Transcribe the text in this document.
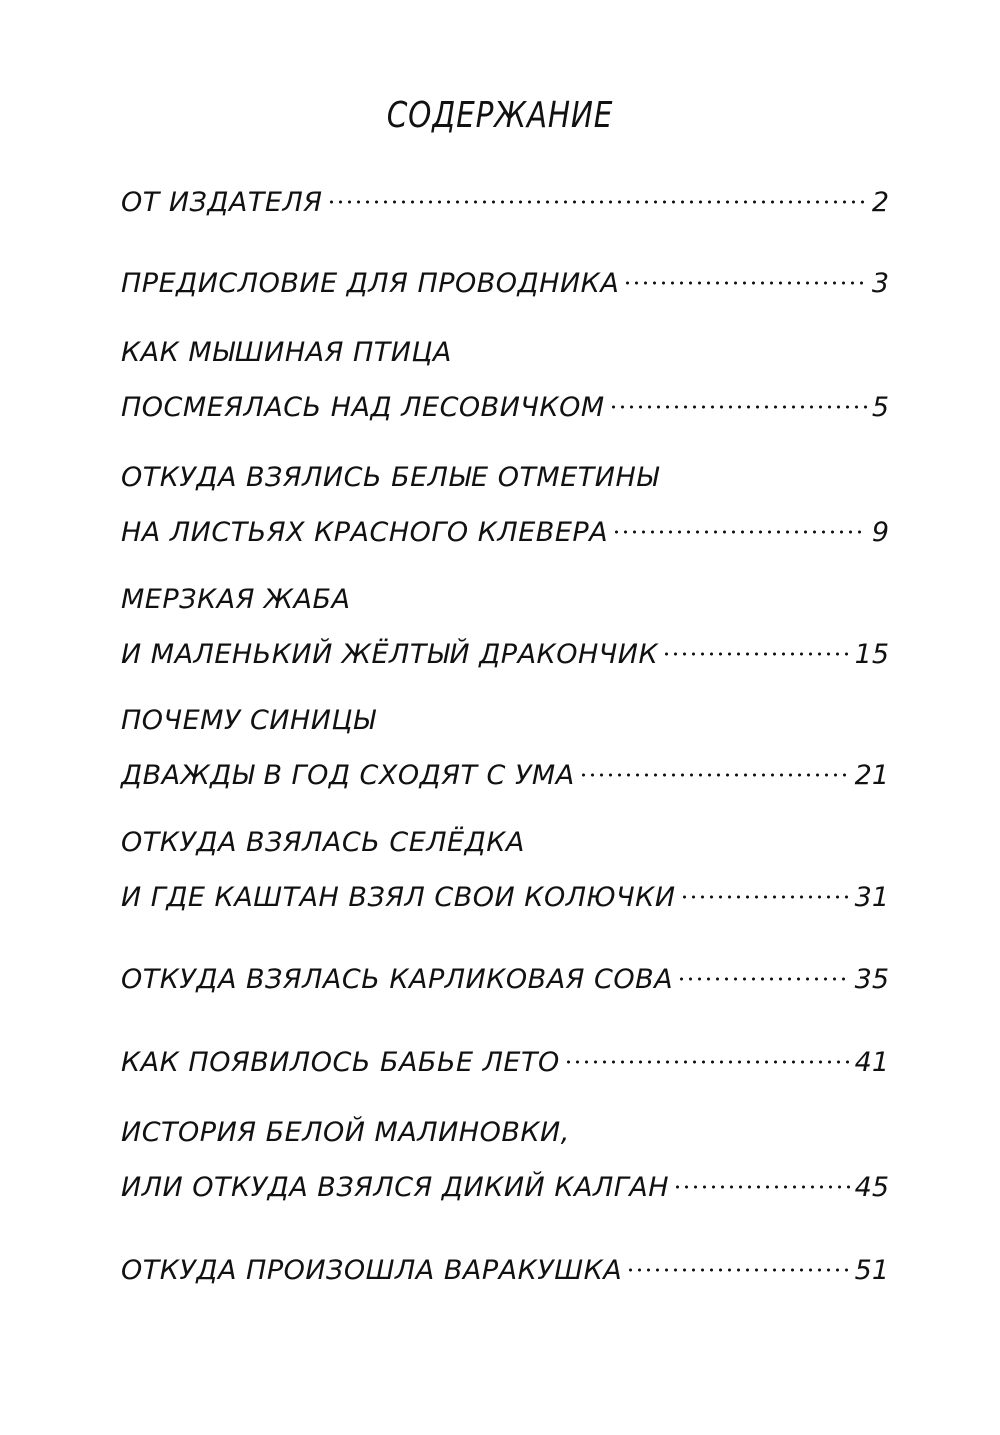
СОДЕРЖАНИЕ
ОТ ИЗДАТЕЛЯ	2
ПРЕДИСЛОВИЕ ДЛЯ ПРОВОДНИКА	3
КАК МЫШИНАЯ ПТИЦА
ПОСМЕЯЛАСЬ НАД ЛЕСОВИЧКОМ	5
ОТКУДА ВЗЯЛИСЬ БЕЛЫЕ ОТМЕТИНЫ
НА ЛИСТЬЯХ КРАСНОГО КЛЕВЕРА	9
МЕРЗКАЯ ЖАБА
И МАЛЕНЬКИЙ ЖЁЛТЫЙ ДРАКОНЧИК	15
ПОЧЕМУ СИНИЦЫ
ДВАЖДЫ В ГОД СХОДЯТ С УМА	21
ОТКУДА ВЗЯЛАСЬ СЕЛЁДКА
И ГДЕ КАШТАН ВЗЯЛ СВОИ КОЛЮЧКИ	31
ОТКУДА ВЗЯЛАСЬ КАРЛИКОВАЯ СОВА	35
КАК ПОЯВИЛОСЬ БАБЬЕ ЛЕТО	41
ИСТОРИЯ БЕЛОЙ МАЛИНОВКИ,
ИЛИ ОТКУДА ВЗЯЛСЯ ДИКИЙ КАЛГАН	45
ОТКУДА ПРОИЗОШЛА ВАРАКУШКА	51
